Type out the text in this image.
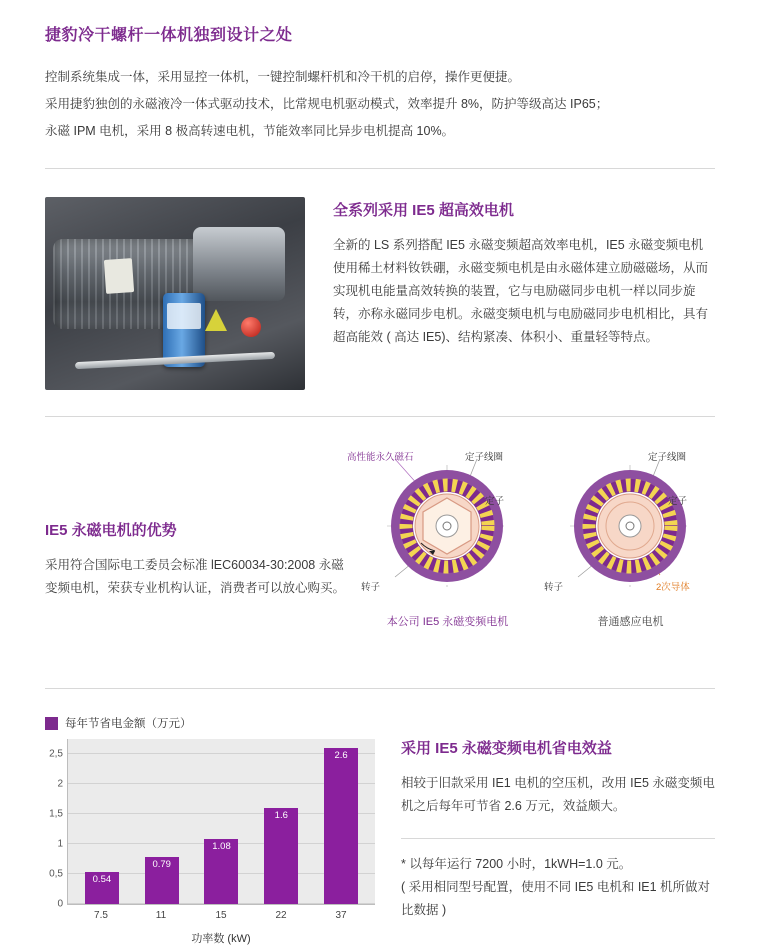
捷豹冷干螺杆一体机独到设计之处

控制系统集成一体，采用显控一体机，一键控制螺杆机和冷干机的启停，操作更便捷。

采用捷豹独创的永磁液冷一体式驱动技术，比常规电机驱动模式，效率提升 8%，防护等级高达 IP65；

永磁 IPM 电机，采用 8 极高转速电机，节能效率同比异步电机提高 10%。

全系列采用 IE5 超高效电机

全新的 LS 系列搭配 IE5 永磁变频超高效率电机，IE5 永磁变频电机使用稀土材料钕铁硼，永磁变频电机是由永磁体建立励磁磁场，从而实现机电能量高效转换的装置，它与电励磁同步电机一样以同步旋转，亦称永磁同步电机。永磁变频电机与电励磁同步电机相比，具有超高能效 ( 高达 IE5)、结构紧凑、体积小、重量轻等特点。

IE5 永磁电机的优势

采用符合国际电工委员会标准 lEC60034-30:2008 永磁变频电机，荣获专业机构认证，消费者可以放心购买。

高性能永久磁石	定子线圈
定子
转子
本公司 IE5 永磁变频电机
定子线圈
定子
转子	2次导体
普通感应电机
每年节省电金额（万元）
0
0,5
1
1,5
2
2,5
0.54
0.79
1.08
1.6
2.6
7.5	11	15	22	37
功率数 (kW)
采用 IE5 永磁变频电机省电效益

相较于旧款采用 IE1 电机的空压机，改用 IE5 永磁变频电机之后每年可节省 2.6 万元，效益颇大。

* 以每年运行 7200 小时，1kWH=1.0 元。

( 采用相同型号配置，使用不同 IE5 电机和 IE1 机所做对比数据 )
